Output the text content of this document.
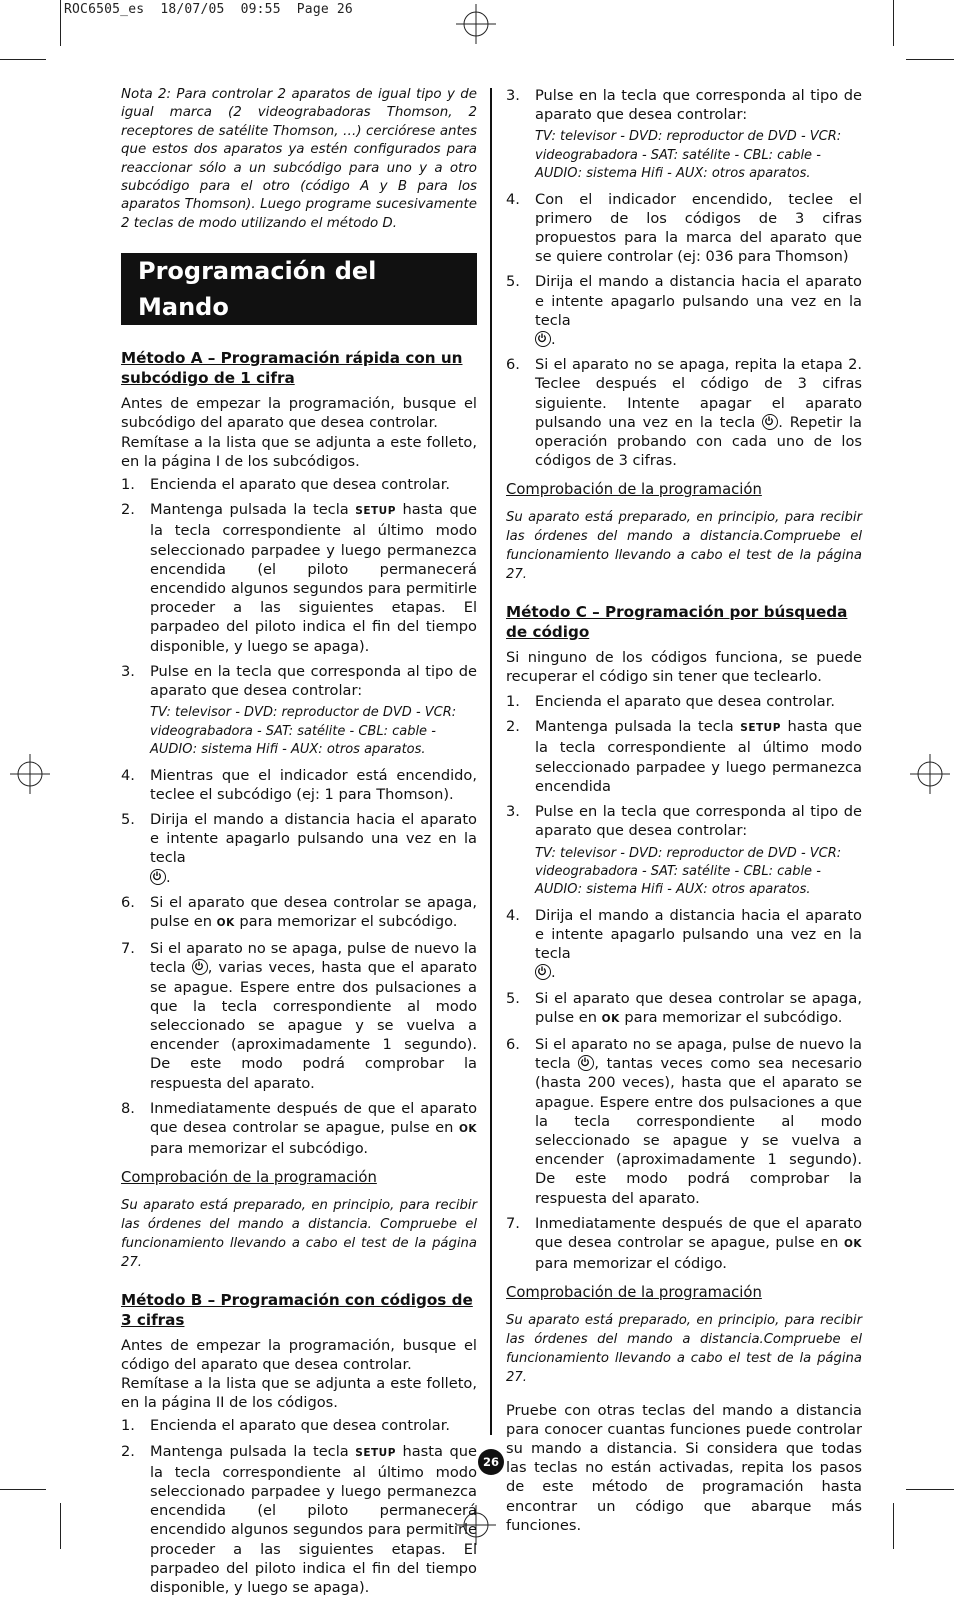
ROC6505_es  18/07/05  09:55  Page 26

Nota 2: Para controlar 2 aparatos de igual tipo y de igual marca (2 videograbadoras Thomson, 2 receptores de satélite Thomson, …) cerciórese antes que estos dos aparatos ya estén configurados para reaccionar sólo a un subcódigo para uno y a otro subcódigo para el otro (código A y B para los aparatos Thomson). Luego programe sucesivamente 2 teclas de modo utilizando el método D.

Programación del Mando
Método A – Programación rápida con un subcódigo de 1 cifra

Antes de empezar la programación, busque el subcódigo del aparato que desea controlar.

Remítase a la lista que se adjunta a este folleto, en la página I de los subcódigos.

1.	Encienda el aparato que desea controlar.
2.	Mantenga pulsada la tecla SETUP hasta que la tecla correspondiente al último modo seleccionado parpadee y luego permanezca encendida (el piloto permanecerá encendido algunos segundos para permitirle proceder a las siguientes etapas. El parpadeo del piloto indica el fin del tiempo disponible, y luego se apaga).
3.	Pulse en la tecla que corresponda al tipo de aparato que desea controlar:
TV: televisor - DVD: reproductor de DVD - VCR: videograbadora - SAT: satélite - CBL: cable - AUDIO: sistema Hifi - AUX: otros aparatos.
4.	Mientras que el indicador está encendido, teclee el subcódigo (ej: 1 para Thomson).
5.	Dirija el mando a distancia hacia el aparato e intente apagarlo pulsando una vez en la tecla

.
6.	Si el aparato que desea controlar se apaga, pulse en OK para memorizar el subcódigo.
7.	Si el aparato no se apaga, pulse de nuevo la tecla , varias veces, hasta que el aparato se apague. Espere entre dos pulsaciones a que la tecla correspondiente al modo seleccionado se apague y se vuelva a encender (aproximadamente 1 segundo). De este modo podrá comprobar la respuesta del aparato.
8.	Inmediatamente después de que el aparato que desea controlar se apague, pulse en OK para memorizar el subcódigo.
Comprobación de la programación

Su aparato está preparado, en principio, para recibir las órdenes del mando a distancia. Compruebe el funcionamiento llevando a cabo el test de la página 27.

Método B – Programación con códigos de 3 cifras

Antes de empezar la programación, busque el código del aparato que desea controlar.

Remítase a la lista que se adjunta a este folleto, en la página II de los códigos.

1.	Encienda el aparato que desea controlar.
2.	Mantenga pulsada la tecla SETUP hasta que la tecla correspondiente al último modo seleccionado parpadee y luego permanezca encendida (el piloto permanecerá encendido algunos segundos para permitirle proceder a las siguientes etapas. El parpadeo del piloto indica el fin del tiempo disponible, y luego se apaga).
3.	Pulse en la tecla que corresponda al tipo de aparato que desea controlar:
TV: televisor - DVD: reproductor de DVD - VCR: videograbadora - SAT: satélite - CBL: cable - AUDIO: sistema Hifi - AUX: otros aparatos.
4.	Con el indicador encendido, teclee el primero de los códigos de 3 cifras propuestos para la marca del aparato que se quiere controlar (ej: 036 para Thomson)
5.	Dirija el mando a distancia hacia el aparato e intente apagarlo pulsando una vez en la tecla

.
6.	Si el aparato no se apaga, repita la etapa 2. Teclee después el código de 3 cifras siguiente. Intente apagar el aparato pulsando una vez en la tecla . Repetir la operación probando con cada uno de los códigos de 3 cifras.
Comprobación de la programación

Su aparato está preparado, en principio, para recibir las órdenes del mando a distancia.Compruebe el funcionamiento llevando a cabo el test de la página 27.

Método C – Programación por búsqueda de código

Si ninguno de los códigos funciona, se puede recuperar el código sin tener que teclearlo.

1.	Encienda el aparato que desea controlar.
2.	Mantenga pulsada la tecla SETUP hasta que la tecla correspondiente al último modo seleccionado parpadee y luego permanezca encendida
3.	Pulse en la tecla que corresponda al tipo de aparato que desea controlar:
TV: televisor - DVD: reproductor de DVD - VCR: videograbadora - SAT: satélite - CBL: cable - AUDIO: sistema Hifi - AUX: otros aparatos.
4.	Dirija el mando a distancia hacia el aparato e intente apagarlo pulsando una vez en la tecla

.
5.	Si el aparato que desea controlar se apaga, pulse en OK para memorizar el subcódigo.
6.	Si el aparato no se apaga, pulse de nuevo la tecla , tantas veces como sea necesario (hasta 200 veces), hasta que el aparato se apague. Espere entre dos pulsaciones a que la tecla correspondiente al modo seleccionado se apague y se vuelva a encender (aproximadamente 1 segundo). De este modo podrá comprobar la respuesta del aparato.
7.	Inmediatamente después de que el aparato que desea controlar se apague, pulse en OK para memorizar el código.
Comprobación de la programación

Su aparato está preparado, en principio, para recibir las órdenes del mando a distancia.Compruebe el funcionamiento llevando a cabo el test de la página 27.

Pruebe con otras teclas del mando a distancia para conocer cuantas funciones puede controlar su mando a distancia. Si considera que todas las teclas no están activadas, repita los pasos de este método de programación hasta encontrar un código que abarque más funciones.

26
